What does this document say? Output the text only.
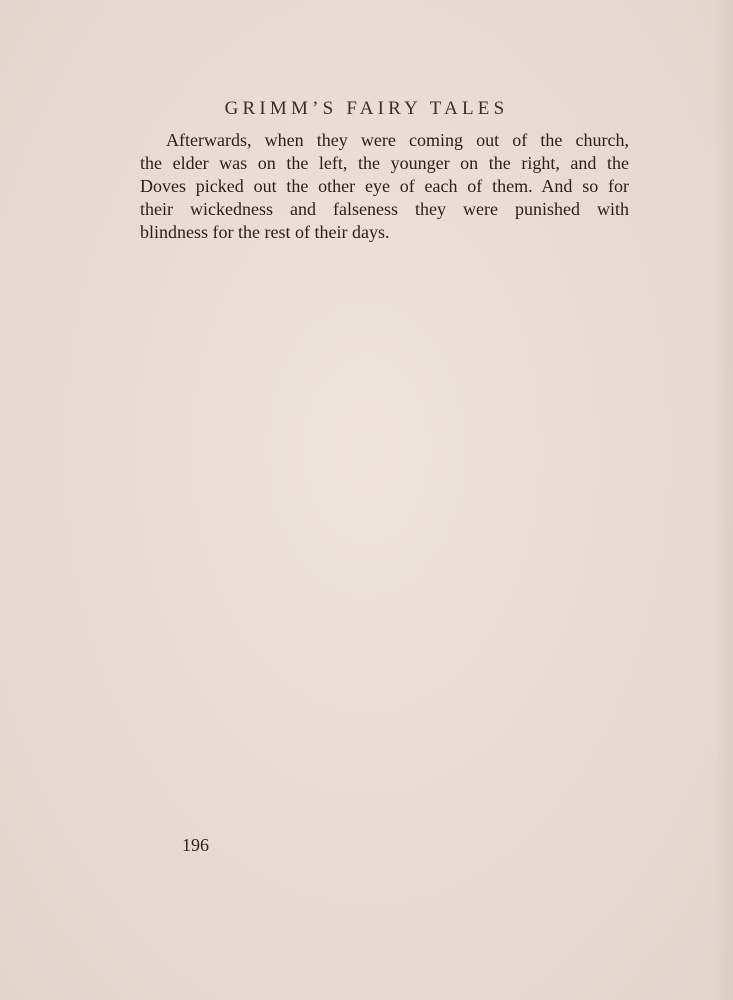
GRIMM’S FAIRY TALES
Afterwards, when they were coming out of the church,
the elder was on the left, the younger on the right, and the
Doves picked out the other eye of each of them. And so for
their wickedness and falseness they were punished with
blindness for the rest of their days.
196
